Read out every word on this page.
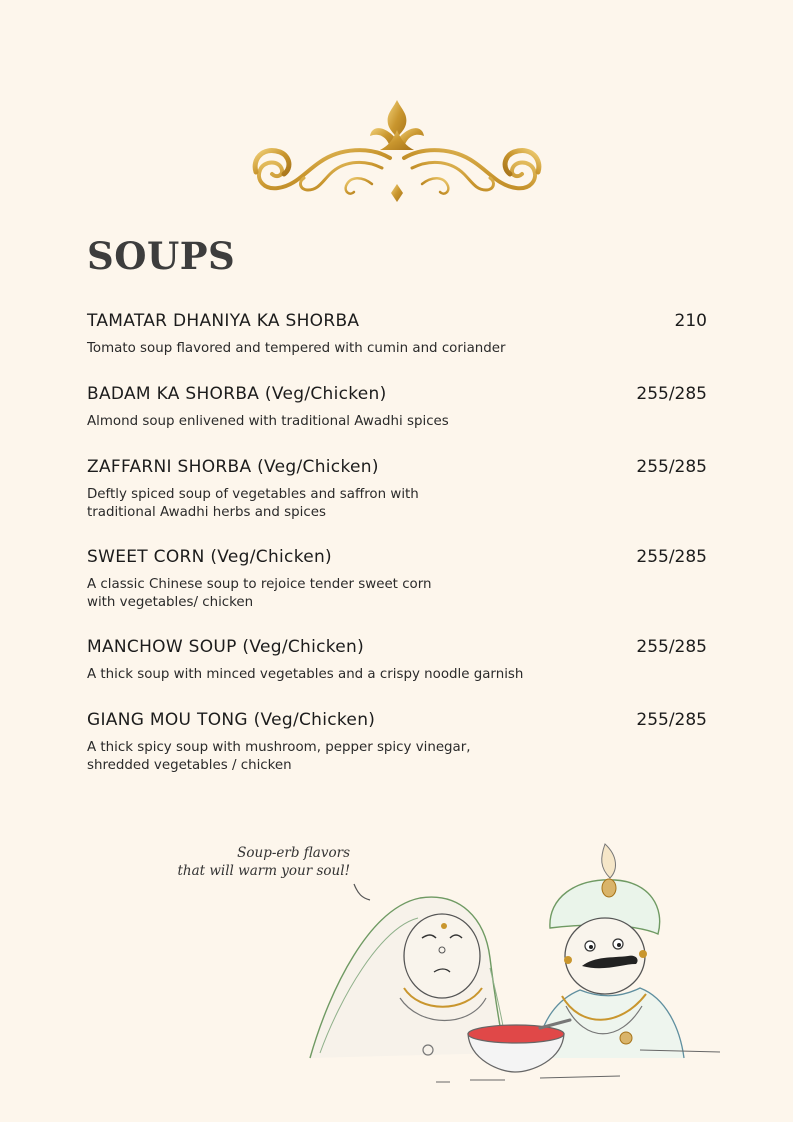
SOUPS
TAMATAR DHANIYA KA SHORBA	210
Tomato soup flavored and tempered with cumin and coriander
BADAM KA SHORBA (Veg/Chicken)	255/285
Almond soup enlivened with traditional Awadhi spices
ZAFFARNI SHORBA (Veg/Chicken)	255/285
Deftly spiced soup of vegetables and saffron with
traditional Awadhi herbs and spices
SWEET CORN (Veg/Chicken)	255/285
A classic Chinese soup to rejoice tender sweet corn
with vegetables/ chicken
MANCHOW SOUP (Veg/Chicken)	255/285
A thick soup with minced vegetables and a crispy noodle garnish
GIANG MOU TONG (Veg/Chicken)	255/285
A thick spicy soup with mushroom, pepper spicy vinegar,
shredded vegetables / chicken
Soup-erb flavors
that will warm your soul!
